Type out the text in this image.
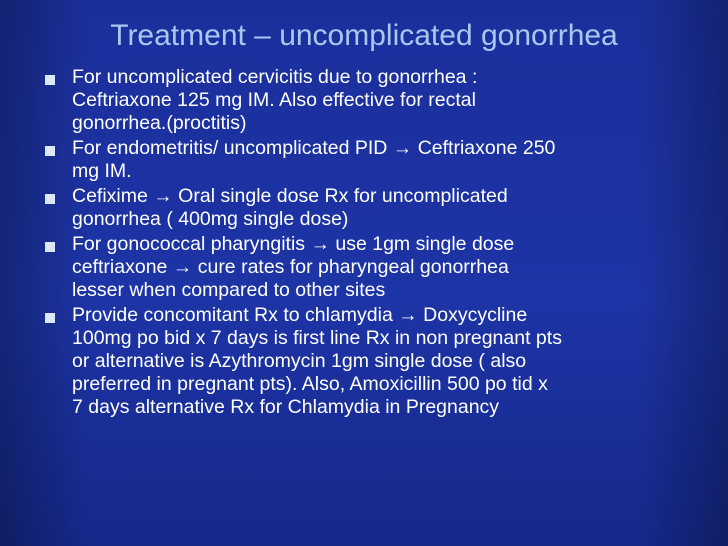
Treatment – uncomplicated gonorrhea
For uncomplicated cervicitis due to gonorrhea :
Ceftriaxone 125 mg IM. Also effective for rectal
gonorrhea.(proctitis)
For endometritis/ uncomplicated PID → Ceftriaxone 250
mg IM.
Cefixime → Oral single dose Rx for uncomplicated
gonorrhea ( 400mg single dose)
For gonococcal pharyngitis → use 1gm single dose
ceftriaxone → cure rates for pharyngeal gonorrhea
lesser when compared to other sites
Provide concomitant Rx to chlamydia → Doxycycline
100mg po bid x 7 days is first line Rx in non pregnant pts
or alternative is Azythromycin 1gm single dose ( also
preferred in pregnant pts). Also, Amoxicillin 500 po tid x
7 days alternative Rx for Chlamydia in Pregnancy
